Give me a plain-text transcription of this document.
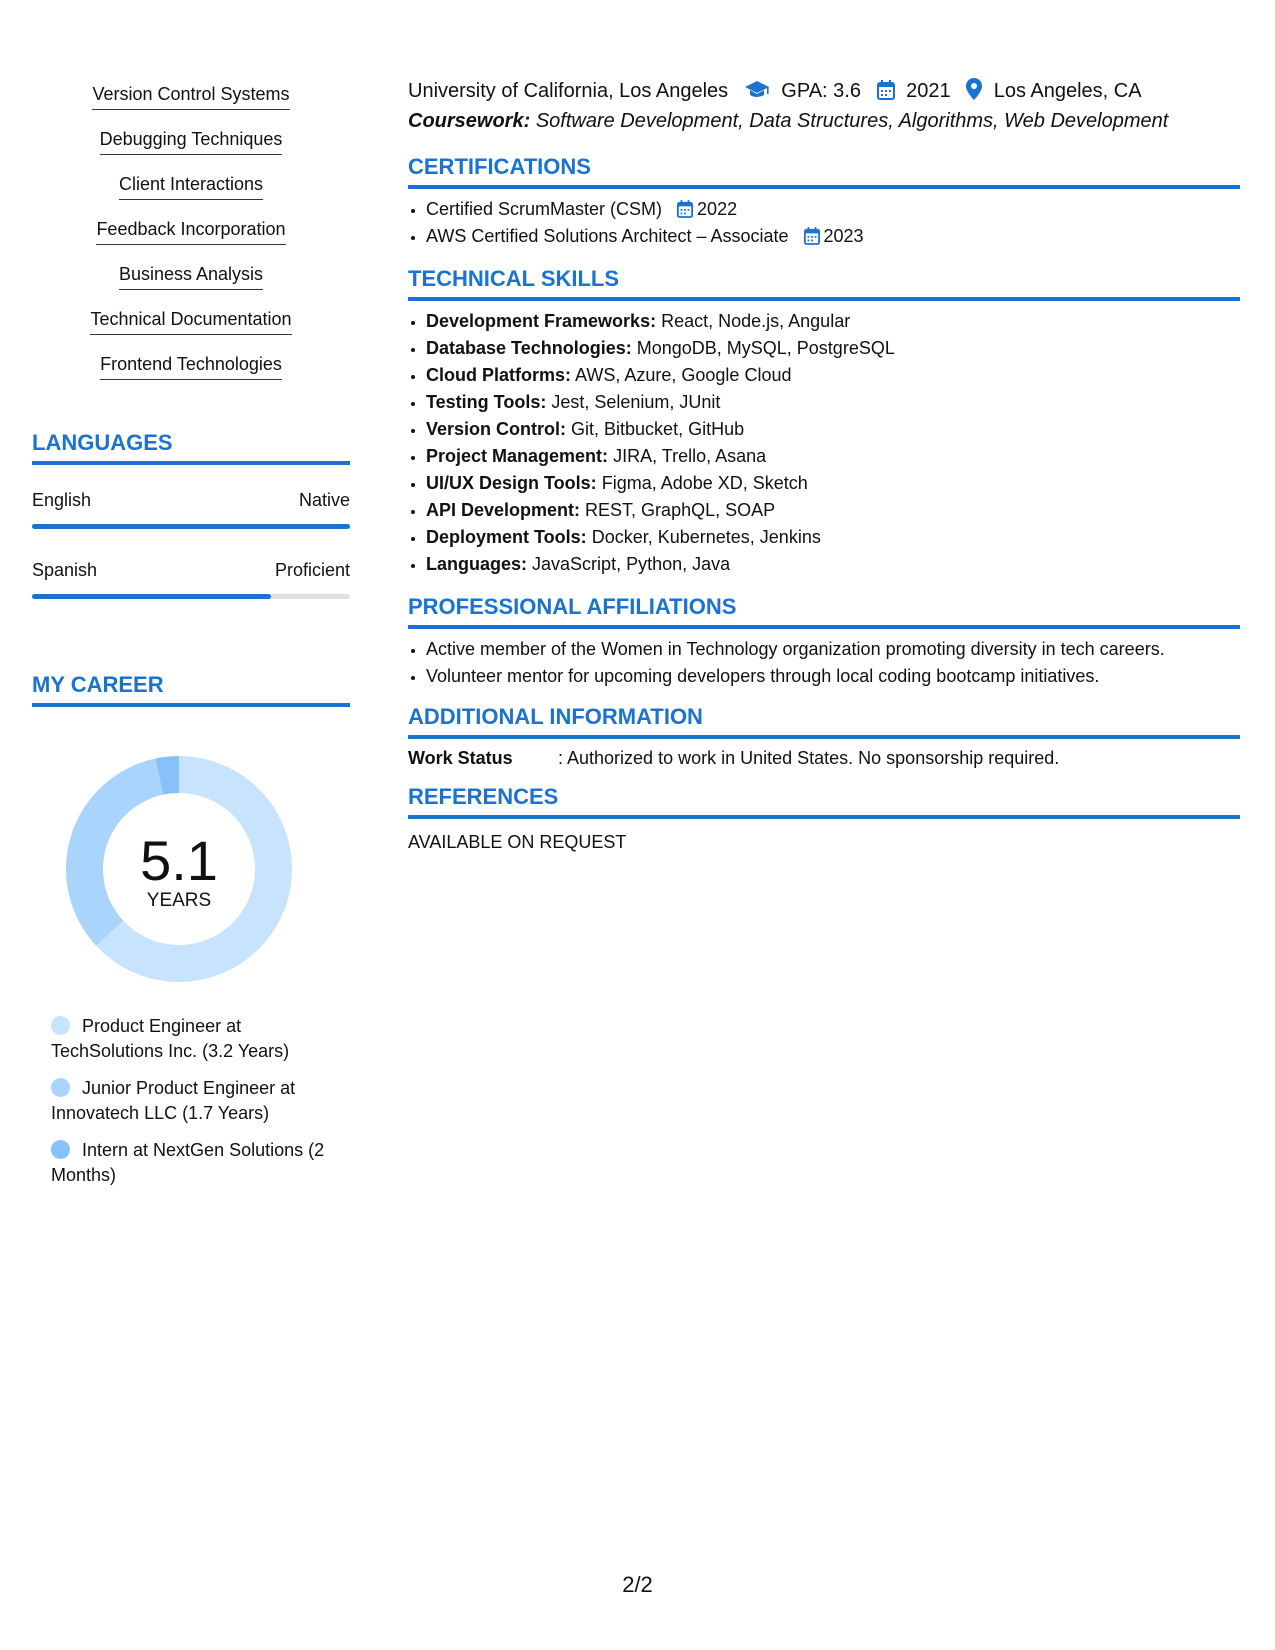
Version Control Systems
Debugging Techniques
Client Interactions
Feedback Incorporation
Business Analysis
Technical Documentation
Frontend Technologies
LANGUAGES
English	Native
Spanish	Proficient
MY CAREER
5.1
YEARS
Product Engineer at TechSolutions Inc. (3.2 Years)
Junior Product Engineer at Innovatech LLC (1.7 Years)
Intern at NextGen Solutions (2 Months)
University of California, Los Angeles	GPA: 3.6 2021 Los Angeles, CA
Coursework: Software Development, Data Structures, Algorithms, Web Development
CERTIFICATIONS
• Certified ScrumMaster (CSM) 2022
• AWS Certified Solutions Architect – Associate 2023
TECHNICAL SKILLS
• Development Frameworks: React, Node.js, Angular
• Database Technologies: MongoDB, MySQL, PostgreSQL
• Cloud Platforms: AWS, Azure, Google Cloud
• Testing Tools: Jest, Selenium, JUnit
• Version Control: Git, Bitbucket, GitHub
• Project Management: JIRA, Trello, Asana
• UI/UX Design Tools: Figma, Adobe XD, Sketch
• API Development: REST, GraphQL, SOAP
• Deployment Tools: Docker, Kubernetes, Jenkins
• Languages: JavaScript, Python, Java
PROFESSIONAL AFFILIATIONS
• Active member of the Women in Technology organization promoting diversity in tech careers.
• Volunteer mentor for upcoming developers through local coding bootcamp initiatives.
ADDITIONAL INFORMATION
Work Status	: Authorized to work in United States. No sponsorship required.
REFERENCES
AVAILABLE ON REQUEST
2/2
